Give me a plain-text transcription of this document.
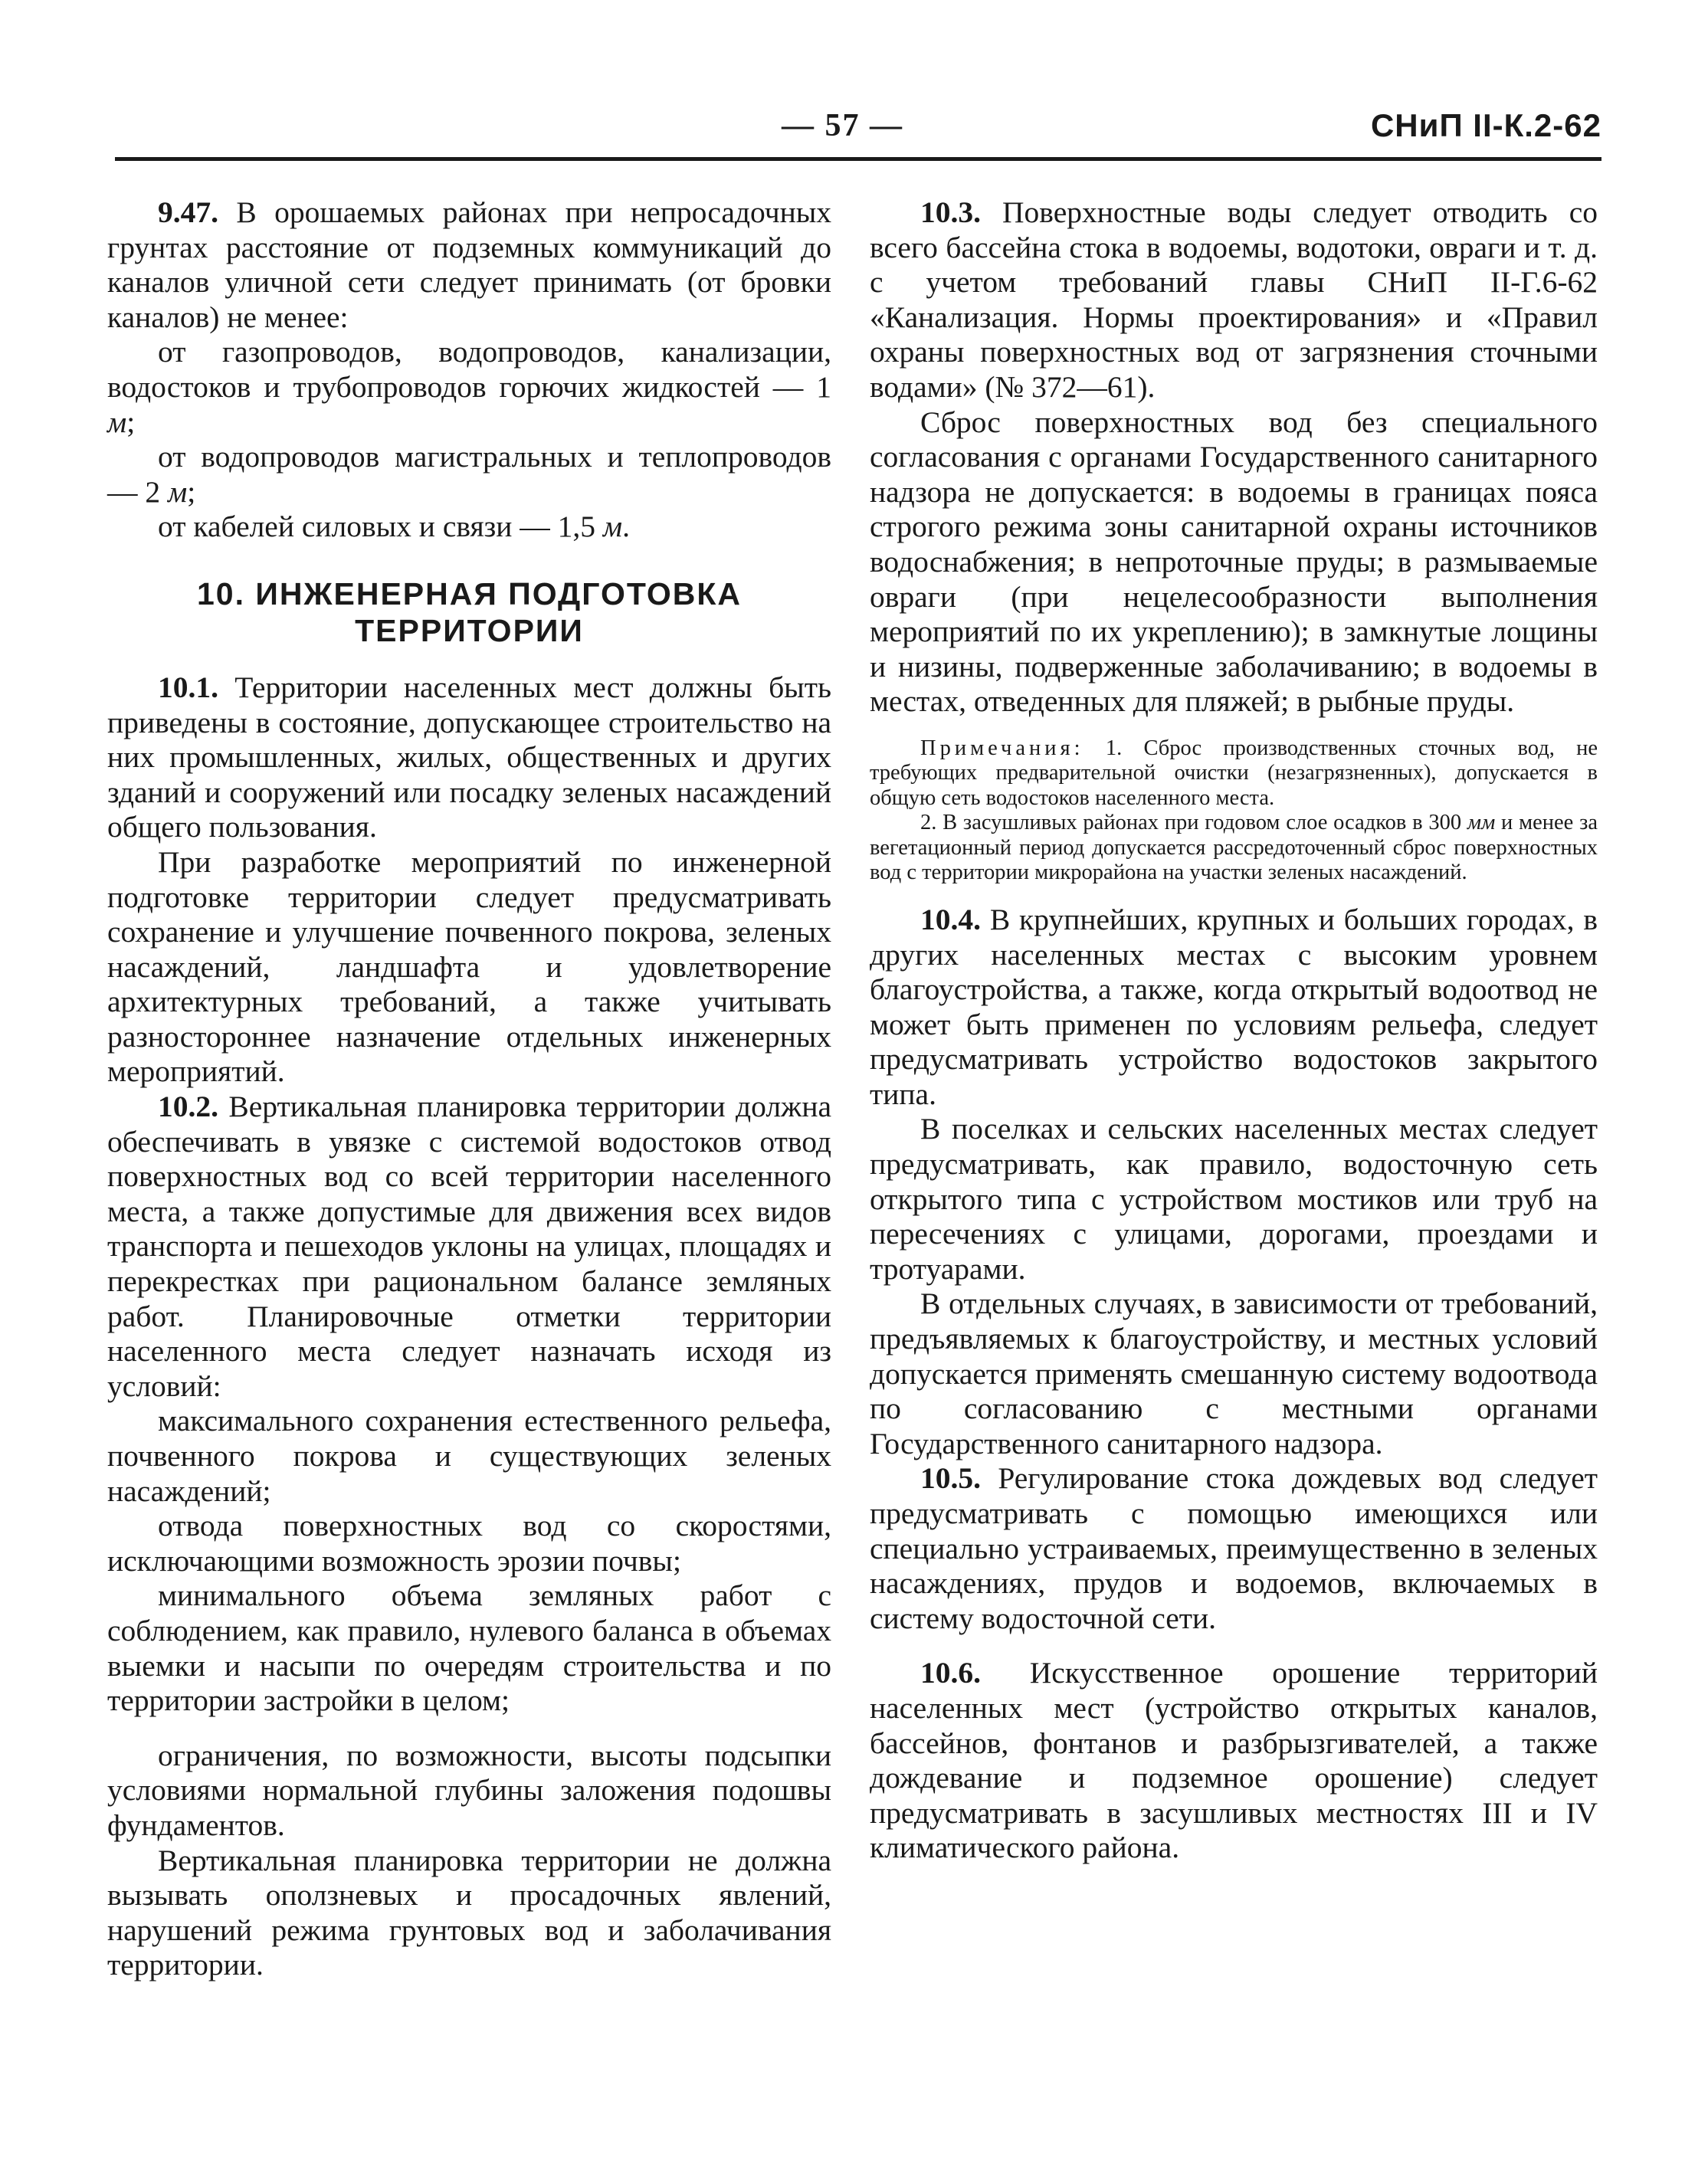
— 57 —	СНиП II-К.2-62

9.47. В орошаемых районах при непросадочных грунтах расстояние от подземных коммуникаций до каналов уличной сети следует принимать (от бровки каналов) не менее:

от газопроводов, водопроводов, канализации, водостоков и трубопроводов горючих жидкостей — 1 м;

от водопроводов магистральных и теплопроводов — 2 м;

от кабелей силовых и связи — 1,5 м.

10. ИНЖЕНЕРНАЯ ПОДГОТОВКА
ТЕРРИТОРИИ

10.1. Территории населенных мест должны быть приведены в состояние, допускающее строительство на них промышленных, жилых, общественных и других зданий и сооружений или посадку зеленых насаждений общего пользования.

При разработке мероприятий по инженерной подготовке территории следует предусматривать сохранение и улучшение почвенного покрова, зеленых насаждений, ландшафта и удовлетворение архитектурных требований, а также учитывать разностороннее назначение отдельных инженерных мероприятий.

10.2. Вертикальная планировка территории должна обеспечивать в увязке с системой водостоков отвод поверхностных вод со всей территории населенного места, а также допустимые для движения всех видов транспорта и пешеходов уклоны на улицах, площадях и перекрестках при рациональном балансе земляных работ. Планировочные отметки территории населенного места следует назначать исходя из условий:

максимального сохранения естественного рельефа, почвенного покрова и существующих зеленых насаждений;

отвода поверхностных вод со скоростями, исключающими возможность эрозии почвы;

минимального объема земляных работ с соблюдением, как правило, нулевого баланса в объемах выемки и насыпи по очередям строительства и по территории застройки в целом;

ограничения, по возможности, высоты подсыпки условиями нормальной глубины заложения подошвы фундаментов.

Вертикальная планировка территории не должна вызывать оползневых и просадочных явлений, нарушений режима грунтовых вод и заболачивания территории.

10.3. Поверхностные воды следует отводить со всего бассейна стока в водоемы, водотоки, овраги и т. д. с учетом требований главы СНиП II-Г.6-62 «Канализация. Нормы проектирования» и «Правил охраны поверхностных вод от загрязнения сточными водами» (№ 372—61).

Сброс поверхностных вод без специального согласования с органами Государственного санитарного надзора не допускается: в водоемы в границах пояса строгого режима зоны санитарной охраны источников водоснабжения; в непроточные пруды; в размываемые овраги (при нецелесообразности выполнения мероприятий по их укреплению); в замкнутые лощины и низины, подверженные заболачиванию; в водоемы в местах, отведенных для пляжей; в рыбные пруды.

Примечания: 1. Сброс производственных сточных вод, не требующих предварительной очистки (незагрязненных), допускается в общую сеть водостоков населенного места.

2. В засушливых районах при годовом слое осадков в 300 мм и менее за вегетационный период допускается рассредоточенный сброс поверхностных вод с территории микрорайона на участки зеленых насаждений.

10.4. В крупнейших, крупных и больших городах, в других населенных местах с высоким уровнем благоустройства, а также, когда открытый водоотвод не может быть применен по условиям рельефа, следует предусматривать устройство водостоков закрытого типа.

В поселках и сельских населенных местах следует предусматривать, как правило, водосточную сеть открытого типа с устройством мостиков или труб на пересечениях с улицами, дорогами, проездами и тротуарами.

В отдельных случаях, в зависимости от требований, предъявляемых к благоустройству, и местных условий допускается применять смешанную систему водоотвода по согласованию с местными органами Государственного санитарного надзора.

10.5. Регулирование стока дождевых вод следует предусматривать с помощью имеющихся или специально устраиваемых, преимущественно в зеленых насаждениях, прудов и водоемов, включаемых в систему водосточной сети.

10.6. Искусственное орошение территорий населенных мест (устройство открытых каналов, бассейнов, фонтанов и разбрызгивателей, а также дождевание и подземное орошение) следует предусматривать в засушливых местностях III и IV климатического района.
